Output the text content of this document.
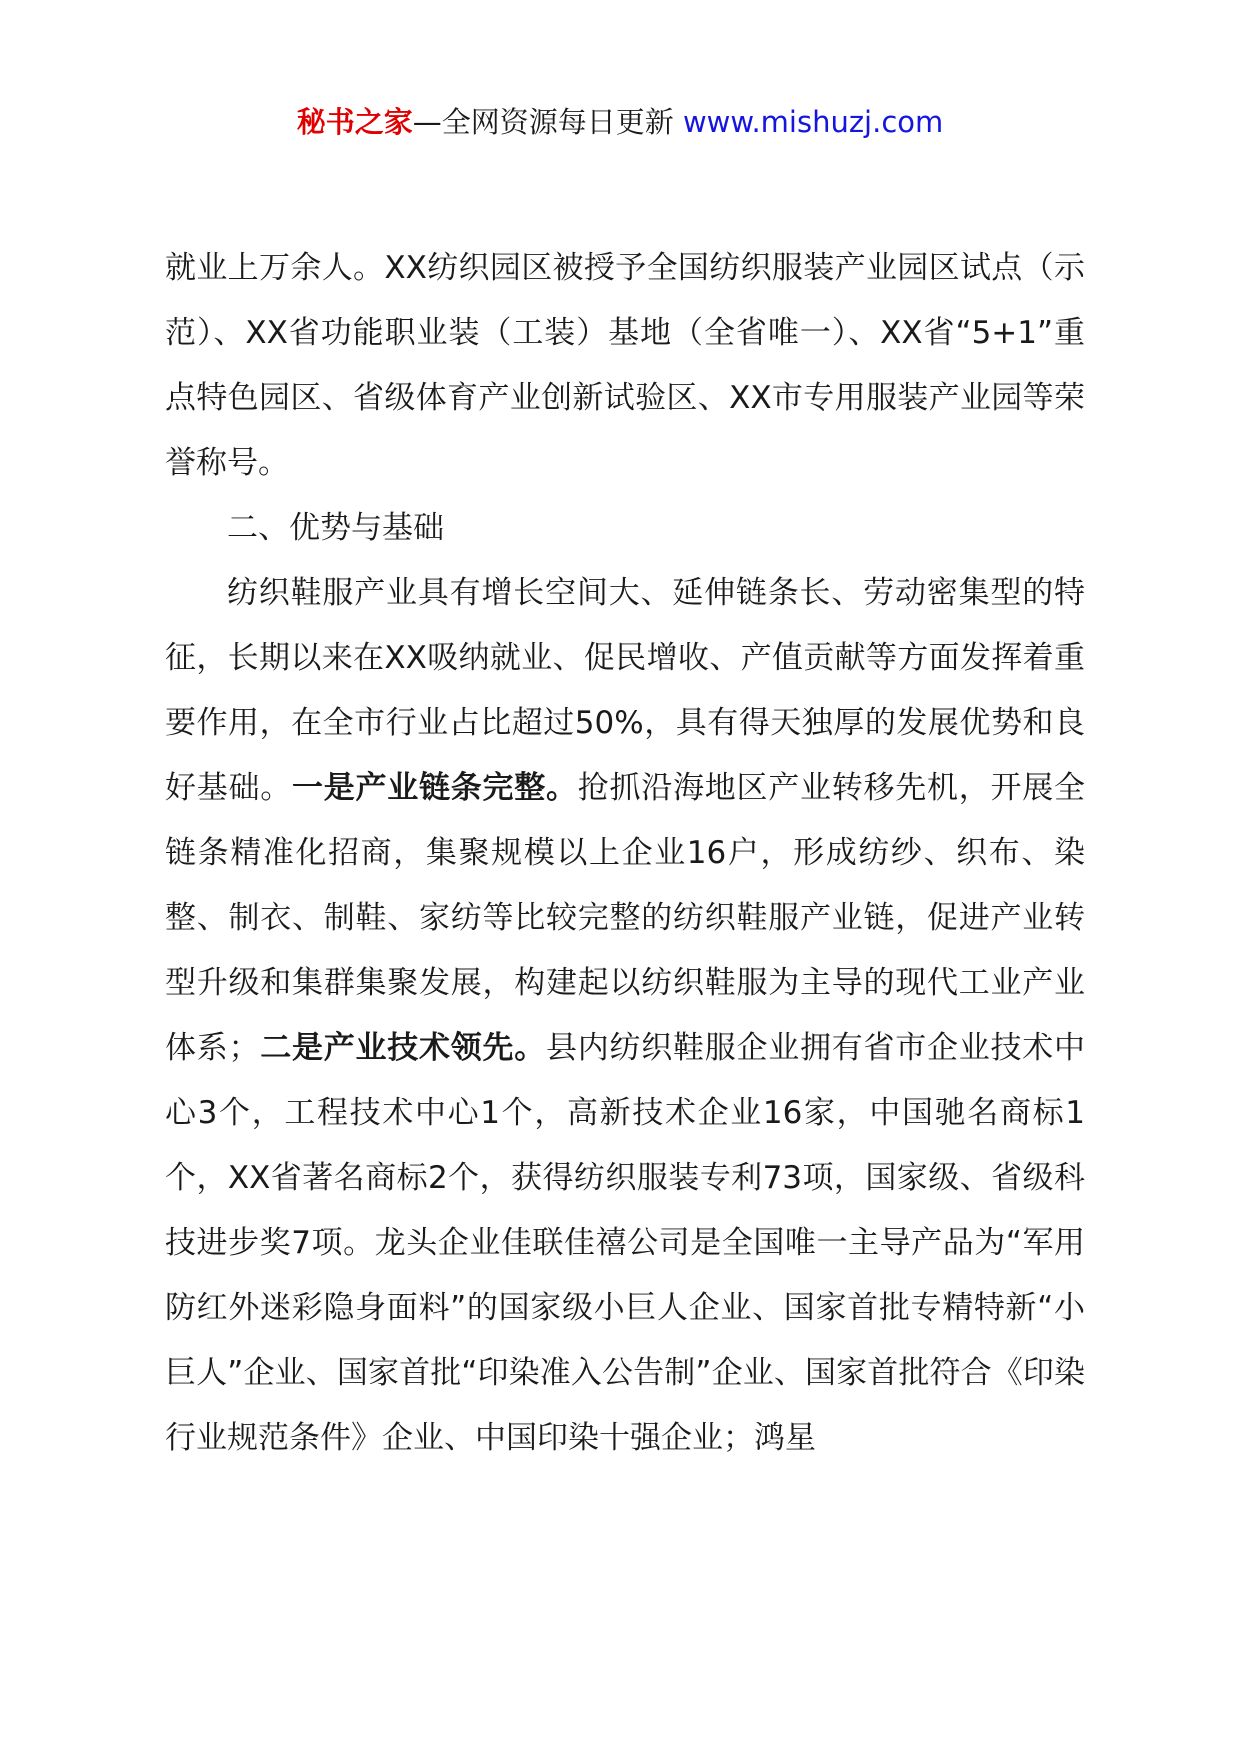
秘书之家—全网资源每日更新 www.mishuzj.com

就业上万余人。XX纺织园区被授予全国纺织服装产业园区试点（示范）、XX省功能职业装（工装）基地（全省唯一）、XX省“5+1”重点特色园区、省级体育产业创新试验区、XX市专用服装产业园等荣誉称号。

二、优势与基础

纺织鞋服产业具有增长空间大、延伸链条长、劳动密集型的特征，长期以来在XX吸纳就业、促民增收、产值贡献等方面发挥着重要作用，在全市行业占比超过50%，具有得天独厚的发展优势和良好基础。一是产业链条完整。抢抓沿海地区产业转移先机，开展全链条精准化招商，集聚规模以上企业16户，形成纺纱、织布、染整、制衣、制鞋、家纺等比较完整的纺织鞋服产业链，促进产业转型升级和集群集聚发展，构建起以纺织鞋服为主导的现代工业产业体系；二是产业技术领先。县内纺织鞋服企业拥有省市企业技术中心3个，工程技术中心1个，高新技术企业16家，中国驰名商标1个，XX省著名商标2个，获得纺织服装专利73项，国家级、省级科技进步奖7项。龙头企业佳联佳禧公司是全国唯一主导产品为“军用防红外迷彩隐身面料”的国家级小巨人企业、国家首批专精特新“小巨人”企业、国家首批“印染准入公告制”企业、国家首批符合《印染行业规范条件》企业、中国印染十强企业；鸿星
